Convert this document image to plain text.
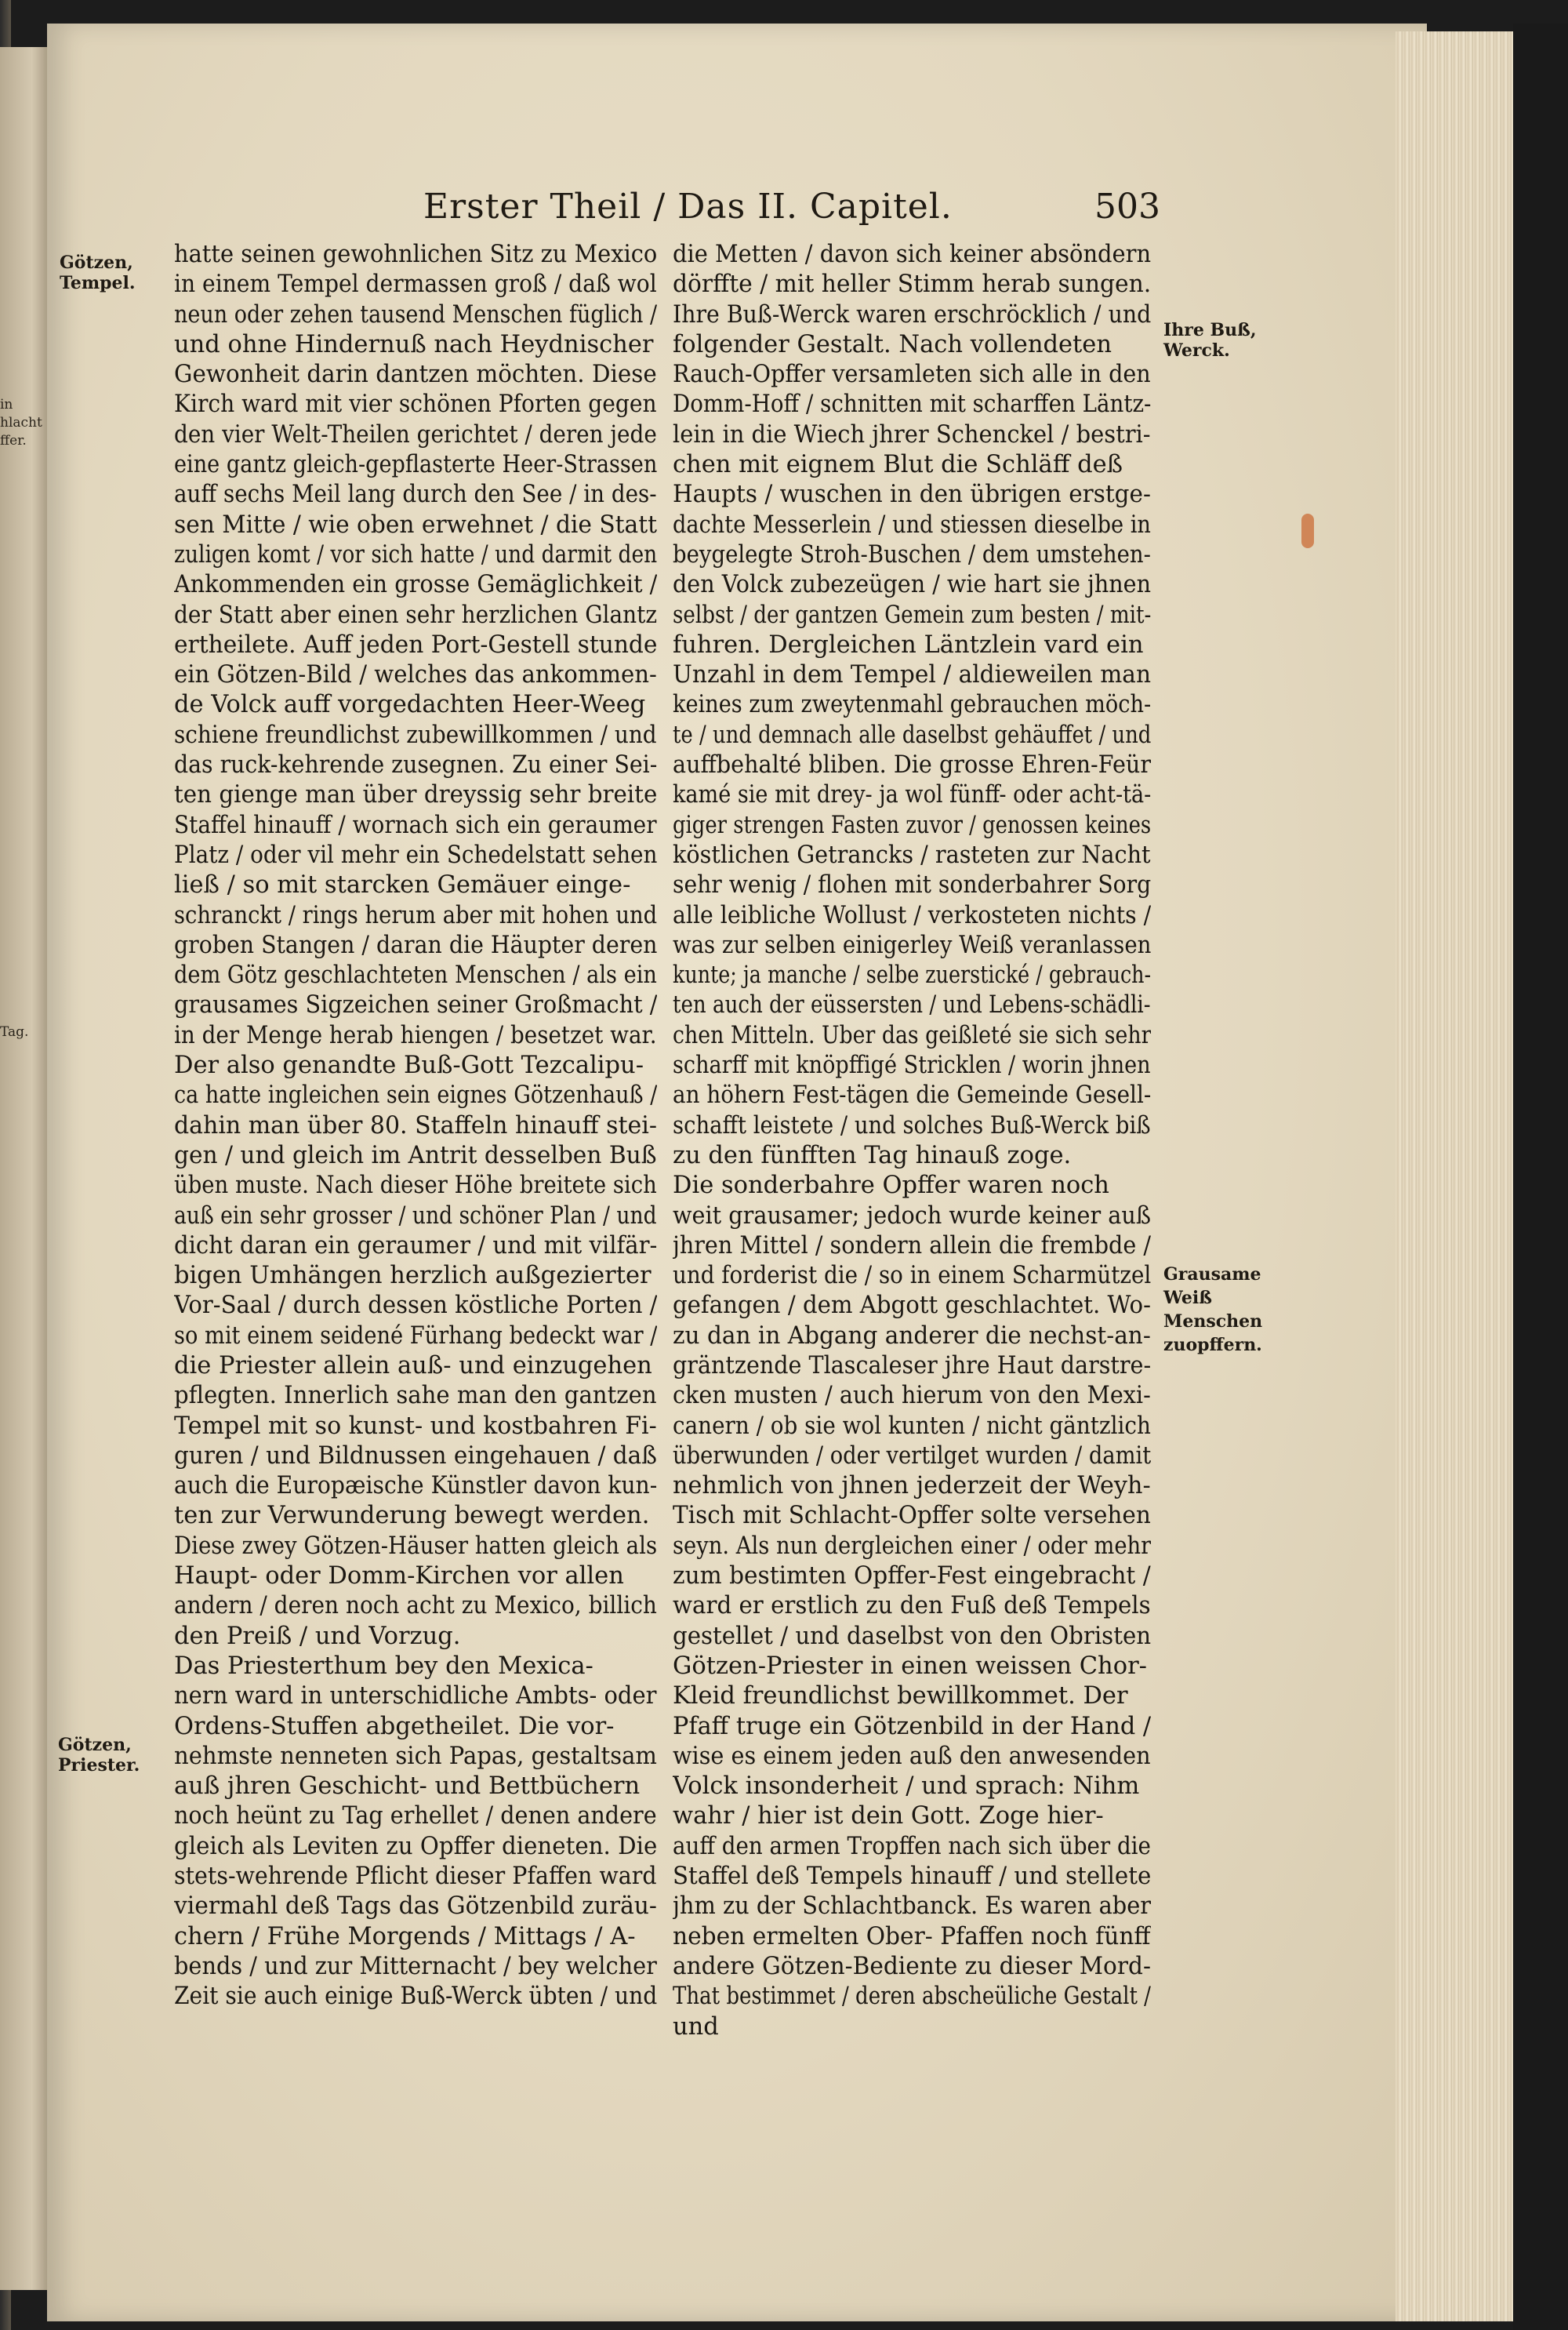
in
hlacht
ffer.
Tag.
Erster Theil / Das II. Capitel.	503
Götzen,
Tempel.
Götzen,
Priester.
Ihre Buß,
Werck.
Grausame
Weiß
Menschen
zuopffern.
hatte seinen gewohnlichen Sitz zu Mexico
in einem Tempel dermassen groß / daß wol
neun oder zehen tausend Menschen füglich /
und ohne Hindernuß nach Heydnischer
Gewonheit darin dantzen möchten. Diese
Kirch ward mit vier schönen Pforten gegen
den vier Welt-Theilen gerichtet / deren jede
eine gantz gleich-gepflasterte Heer-Strassen
auff sechs Meil lang durch den See / in des-
sen Mitte / wie oben erwehnet / die Statt
zuligen komt / vor sich hatte / und darmit den
Ankommenden ein grosse Gemäglichkeit /
der Statt aber einen sehr herzlichen Glantz
ertheilete. Auff jeden Port-Gestell stunde
ein Götzen-Bild / welches das ankommen-
de Volck auff vorgedachten Heer-Weeg
schiene freundlichst zubewillkommen / und
das ruck-kehrende zusegnen. Zu einer Sei-
ten gienge man über dreyssig sehr breite
Staffel hinauff / wornach sich ein geraumer
Platz / oder vil mehr ein Schedelstatt sehen
ließ / so mit starcken Gemäuer einge-
schranckt / rings herum aber mit hohen und
groben Stangen / daran die Häupter deren
dem Götz geschlachteten Menschen / als ein
grausames Sigzeichen seiner Großmacht /
in der Menge herab hiengen / besetzet war.
Der also genandte Buß-Gott Tezcalipu-
ca hatte ingleichen sein eignes Götzenhauß /
dahin man über 80. Staffeln hinauff stei-
gen / und gleich im Antrit desselben Buß
üben muste. Nach dieser Höhe breitete sich
auß ein sehr grosser / und schöner Plan / und
dicht daran ein geraumer / und mit vilfär-
bigen Umhängen herzlich außgezierter
Vor-Saal / durch dessen köstliche Porten /
so mit einem seidené Fürhang bedeckt war /
die Priester allein auß- und einzugehen
pflegten. Innerlich sahe man den gantzen
Tempel mit so kunst- und kostbahren Fi-
guren / und Bildnussen eingehauen / daß
auch die Europæische Künstler davon kun-
ten zur Verwunderung bewegt werden.
Diese zwey Götzen-Häuser hatten gleich als
Haupt- oder Domm-Kirchen vor allen
andern / deren noch acht zu Mexico, billich
den Preiß / und Vorzug.
Das Priesterthum bey den Mexica-
nern ward in unterschidliche Ambts- oder
Ordens-Stuffen abgetheilet. Die vor-
nehmste nenneten sich Papas, gestaltsam
auß jhren Geschicht- und Bettbüchern
noch heünt zu Tag erhellet / denen andere
gleich als Leviten zu Opffer dieneten. Die
stets-wehrende Pflicht dieser Pfaffen ward
viermahl deß Tags das Götzenbild zuräu-
chern / Frühe Morgends / Mittags / A-
bends / und zur Mitternacht / bey welcher
Zeit sie auch einige Buß-Werck übten / und
die Metten / davon sich keiner absöndern
dörffte / mit heller Stimm herab sungen.
Ihre Buß-Werck waren erschröcklich / und
folgender Gestalt. Nach vollendeten
Rauch-Opffer versamleten sich alle in den
Domm-Hoff / schnitten mit scharffen Läntz-
lein in die Wiech jhrer Schenckel / bestri-
chen mit eignem Blut die Schläff deß
Haupts / wuschen in den übrigen erstge-
dachte Messerlein / und stiessen dieselbe in
beygelegte Stroh-Buschen / dem umstehen-
den Volck zubezeügen / wie hart sie jhnen
selbst / der gantzen Gemein zum besten / mit-
fuhren. Dergleichen Läntzlein vard ein
Unzahl in dem Tempel / aldieweilen man
keines zum zweytenmahl gebrauchen möch-
te / und demnach alle daselbst gehäuffet / und
auffbehalté bliben. Die grosse Ehren-Feür
kamé sie mit drey- ja wol fünff- oder acht-tä-
giger strengen Fasten zuvor / genossen keines
köstlichen Getrancks / rasteten zur Nacht
sehr wenig / flohen mit sonderbahrer Sorg
alle leibliche Wollust / verkosteten nichts /
was zur selben einigerley Weiß veranlassen
kunte; ja manche / selbe zuerstické / gebrauch-
ten auch der eüssersten / und Lebens-schädli-
chen Mitteln. Uber das geißleté sie sich sehr
scharff mit knöpffigé Stricklen / worin jhnen
an höhern Fest-tägen die Gemeinde Gesell-
schafft leistete / und solches Buß-Werck biß
zu den fünfften Tag hinauß zoge.
Die sonderbahre Opffer waren noch
weit grausamer; jedoch wurde keiner auß
jhren Mittel / sondern allein die frembde /
und forderist die / so in einem Scharmützel
gefangen / dem Abgott geschlachtet. Wo-
zu dan in Abgang anderer die nechst-an-
gräntzende Tlascaleser jhre Haut darstre-
cken musten / auch hierum von den Mexi-
canern / ob sie wol kunten / nicht gäntzlich
überwunden / oder vertilget wurden / damit
nehmlich von jhnen jederzeit der Weyh-
Tisch mit Schlacht-Opffer solte versehen
seyn. Als nun dergleichen einer / oder mehr
zum bestimten Opffer-Fest eingebracht /
ward er erstlich zu den Fuß deß Tempels
gestellet / und daselbst von den Obristen
Götzen-Priester in einen weissen Chor-
Kleid freundlichst bewillkommet. Der
Pfaff truge ein Götzenbild in der Hand /
wise es einem jeden auß den anwesenden
Volck insonderheit / und sprach: Nihm
wahr / hier ist dein Gott. Zoge hier-
auff den armen Tropffen nach sich über die
Staffel deß Tempels hinauff / und stellete
jhm zu der Schlachtbanck. Es waren aber
neben ermelten Ober- Pfaffen noch fünff
andere Götzen-Bediente zu dieser Mord-
That bestimmet / deren abscheüliche Gestalt /
und
